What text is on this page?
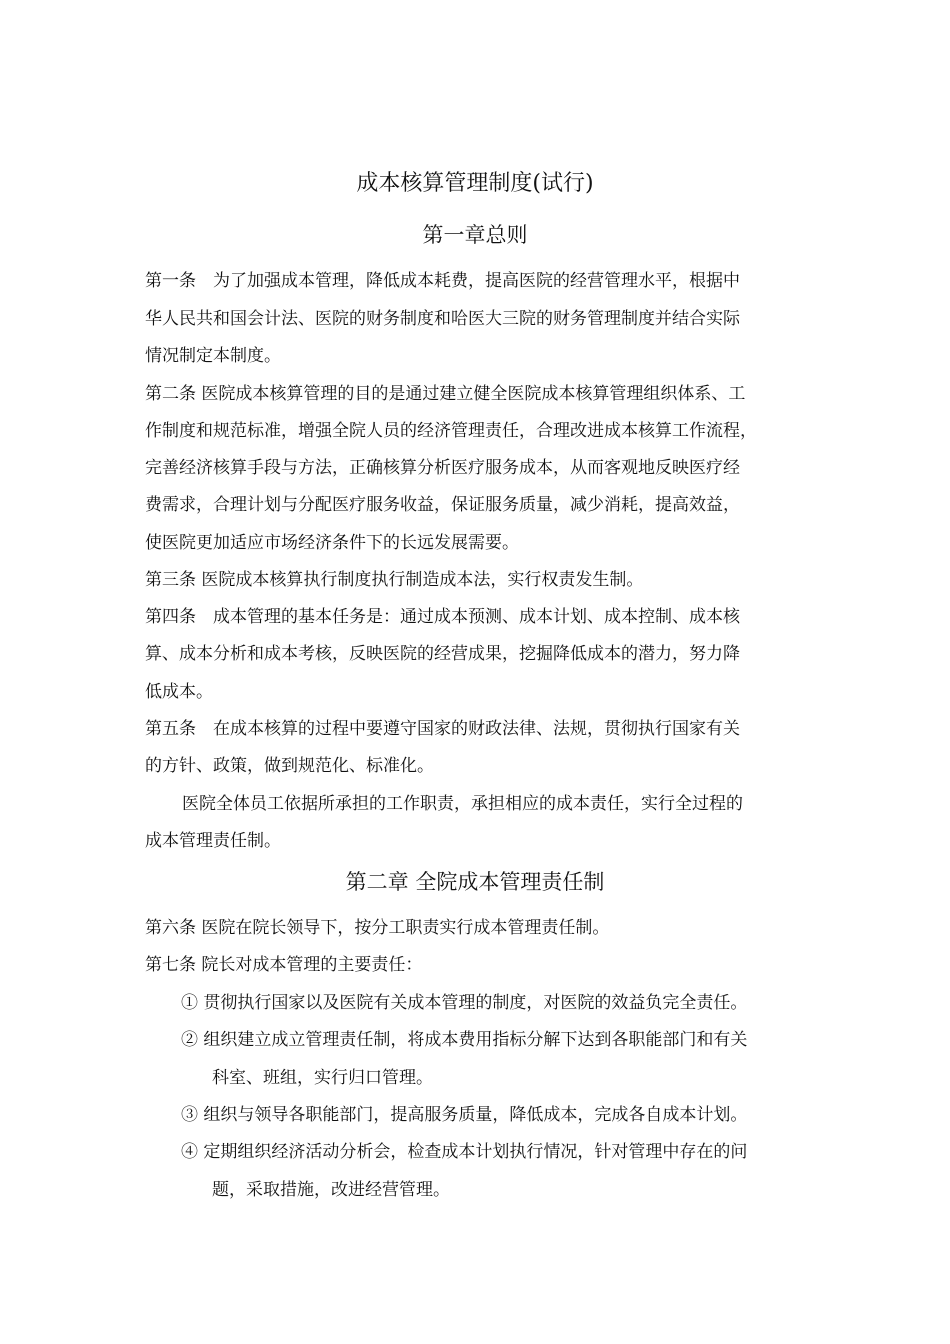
成本核算管理制度(试行)
第一章总则
第一条　为了加强成本管理，降低成本耗费，提高医院的经营管理水平，根据中
华人民共和国会计法、医院的财务制度和哈医大三院的财务管理制度并结合实际
情况制定本制度。
第二条 医院成本核算管理的目的是通过建立健全医院成本核算管理组织体系、工
作制度和规范标准，增强全院人员的经济管理责任，合理改进成本核算工作流程，
完善经济核算手段与方法，正确核算分析医疗服务成本，从而客观地反映医疗经
费需求，合理计划与分配医疗服务收益，保证服务质量，减少消耗，提高效益，
使医院更加适应市场经济条件下的长远发展需要。
第三条 医院成本核算执行制度执行制造成本法，实行权责发生制。
第四条　成本管理的基本任务是：通过成本预测、成本计划、成本控制、成本核
算、成本分析和成本考核，反映医院的经营成果，挖掘降低成本的潜力，努力降
低成本。
第五条　在成本核算的过程中要遵守国家的财政法律、法规，贯彻执行国家有关
的方针、政策，做到规范化、标准化。
医院全体员工依据所承担的工作职责，承担相应的成本责任，实行全过程的
成本管理责任制。
第二章 全院成本管理责任制
第六条 医院在院长领导下，按分工职责实行成本管理责任制。
第七条 院长对成本管理的主要责任：
① 贯彻执行国家以及医院有关成本管理的制度，对医院的效益负完全责任。
② 组织建立成立管理责任制，将成本费用指标分解下达到各职能部门和有关
科室、班组，实行归口管理。
③ 组织与领导各职能部门，提高服务质量，降低成本，完成各自成本计划。
④ 定期组织经济活动分析会，检查成本计划执行情况，针对管理中存在的问
题，采取措施，改进经营管理。
